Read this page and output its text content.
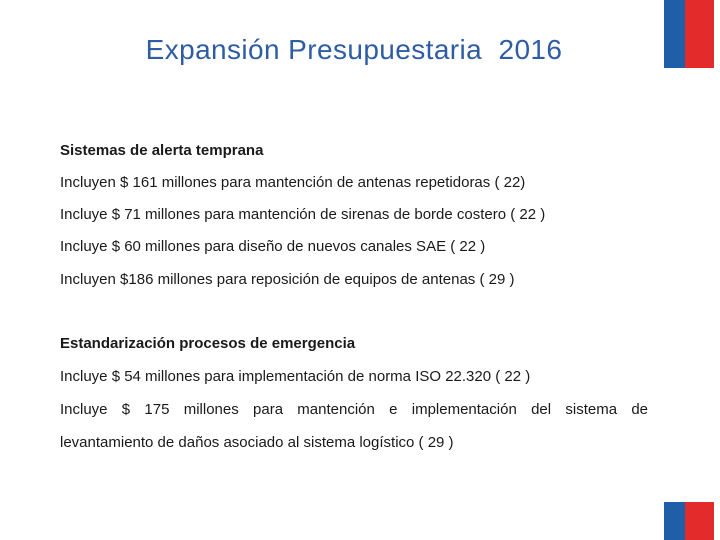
Expansión Presupuestaria  2016
Sistemas de alerta temprana
Incluyen $ 161 millones para mantención de antenas repetidoras ( 22)
Incluye $ 71 millones para mantención de sirenas de borde costero ( 22 )
Incluye $ 60 millones para diseño de nuevos canales SAE ( 22 )
Incluyen $186 millones para reposición de equipos de antenas ( 29 )
Estandarización procesos de emergencia
Incluye $ 54 millones para implementación de norma ISO 22.320 ( 22 )
Incluye $ 175 millones para mantención e implementación del sistema de
levantamiento de daños asociado al sistema logístico ( 29 )
